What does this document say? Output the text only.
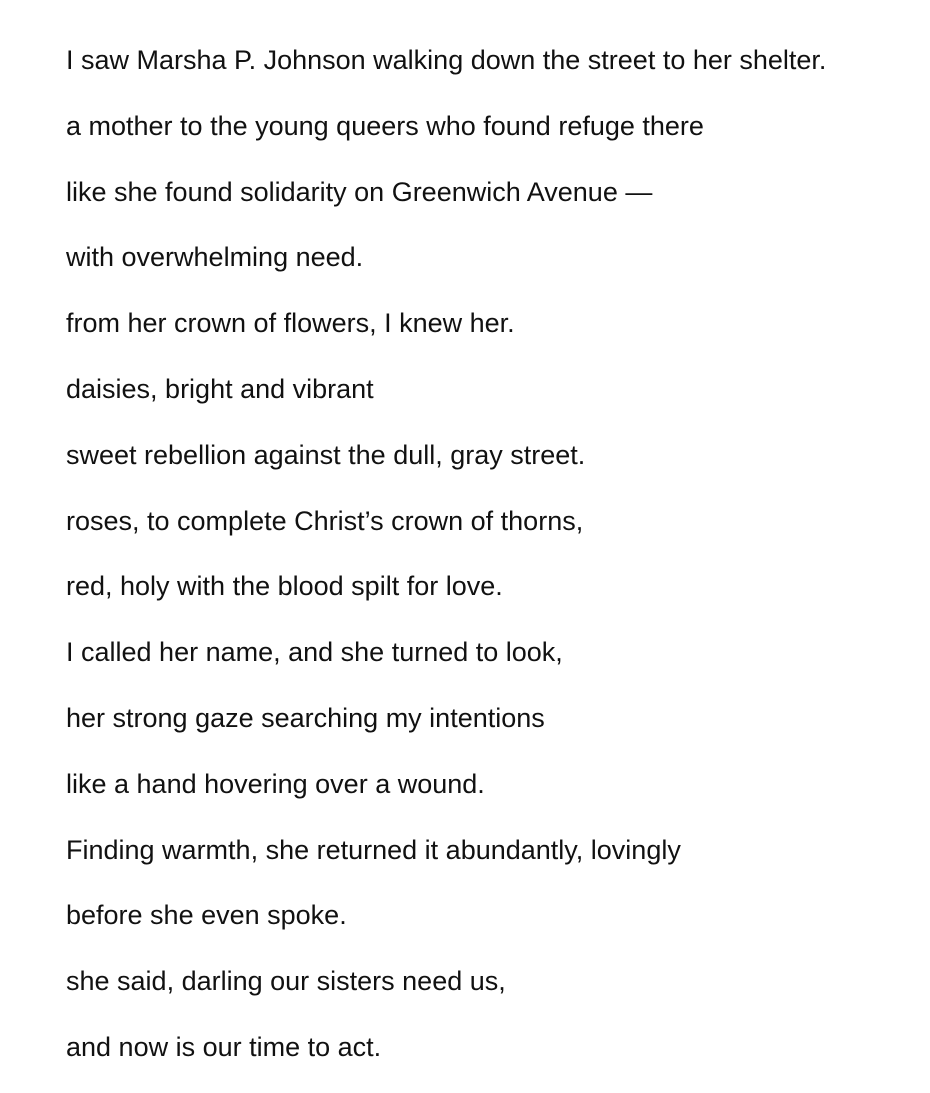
I saw Marsha P. Johnson walking down the street to her shelter.
a mother to the young queers who found refuge there
like she found solidarity on Greenwich Avenue —
with overwhelming need.
from her crown of flowers, I knew her.
daisies, bright and vibrant
sweet rebellion against the dull, gray street.
roses, to complete Christ’s crown of thorns,
red, holy with the blood spilt for love.
I called her name, and she turned to look,
her strong gaze searching my intentions
like a hand hovering over a wound.
Finding warmth, she returned it abundantly, lovingly
before she even spoke.
she said, darling our sisters need us,
and now is our time to act.
